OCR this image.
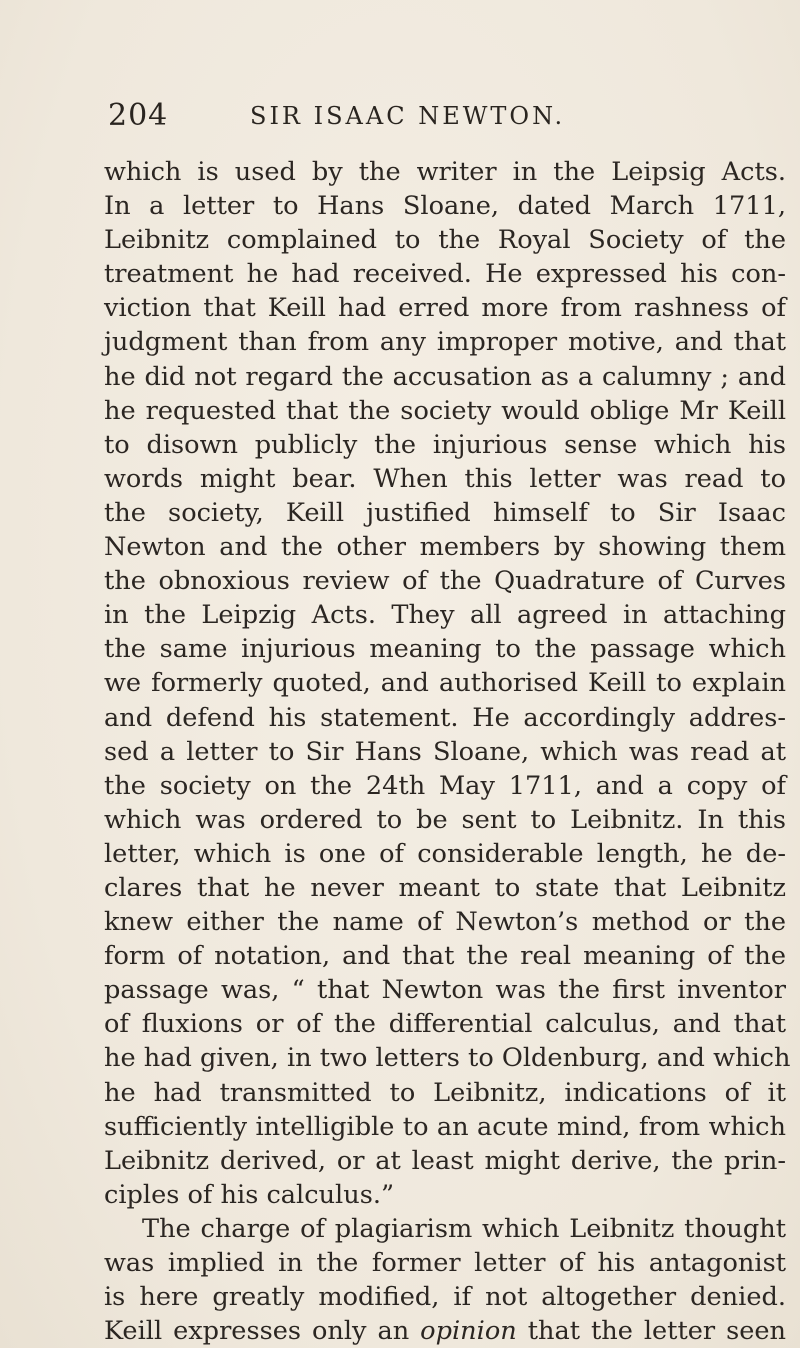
204	SIR ISAAC NEWTON.
which is used by the writer in the Leipsig Acts.
In a letter to Hans Sloane, dated March 1711,
Leibnitz complained to the Royal Society of the
treatment he had received. He expressed his con-
viction that Keill had erred more from rashness of
judgment than from any improper motive, and that
he did not regard the accusation as a calumny ; and
he requested that the society would oblige Mr Keill
to disown publicly the injurious sense which his
words might bear. When this letter was read to
the society, Keill justified himself to Sir Isaac
Newton and the other members by showing them
the obnoxious review of the Quadrature of Curves
in the Leipzig Acts. They all agreed in attaching
the same injurious meaning to the passage which
we formerly quoted, and authorised Keill to explain
and defend his statement. He accordingly addres-
sed a letter to Sir Hans Sloane, which was read at
the society on the 24th May 1711, and a copy of
which was ordered to be sent to Leibnitz. In this
letter, which is one of considerable length, he de-
clares that he never meant to state that Leibnitz
knew either the name of Newton’s method or the
form of notation, and that the real meaning of the
passage was, “ that Newton was the first inventor
of fluxions or of the differential calculus, and that
he had given, in two letters to Oldenburg, and which
he had transmitted to Leibnitz, indications of it
sufficiently intelligible to an acute mind, from which
Leibnitz derived, or at least might derive, the prin-
ciples of his calculus.”
The charge of plagiarism which Leibnitz thought
was implied in the former letter of his antagonist
is here greatly modified, if not altogether denied.
Keill expresses only an opinion that the letter seen
